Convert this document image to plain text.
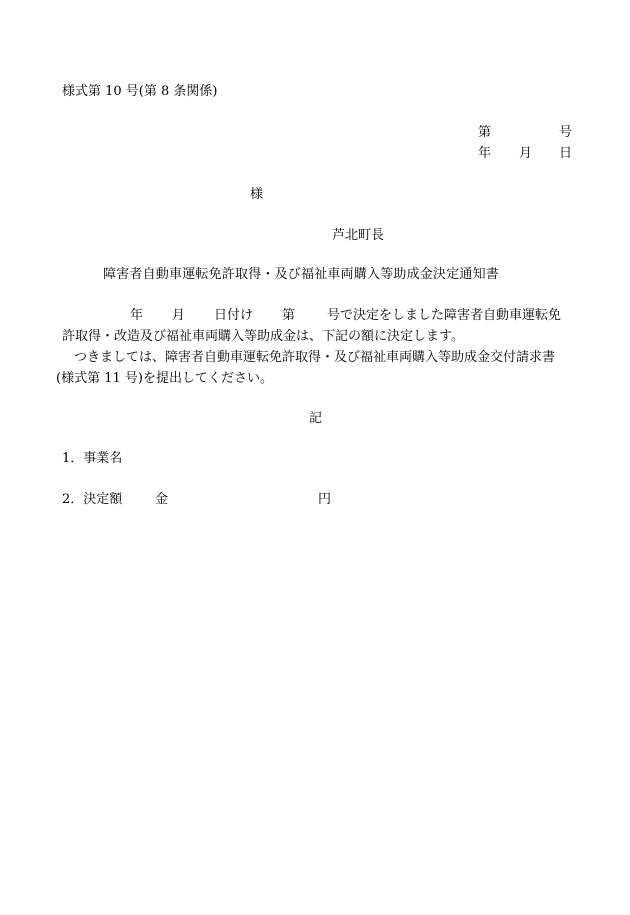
様式第 10 号(第 8 条関係)
第	号
年 月 日
様
芦北町長
障害者自動車運転免許取得・及び福祉車両購入等助成金決定通知書
年 月 日付け 第 号で決定をしました障害者自動車運転免
許取得・改造及び福祉車両購入等助成金は、下記の額に決定します。
つきましては、障害者自動車運転免許取得・及び福祉車両購入等助成金交付請求書
(様式第 11 号)を提出してください。
記
1．事業名
2．決定額	金	円
